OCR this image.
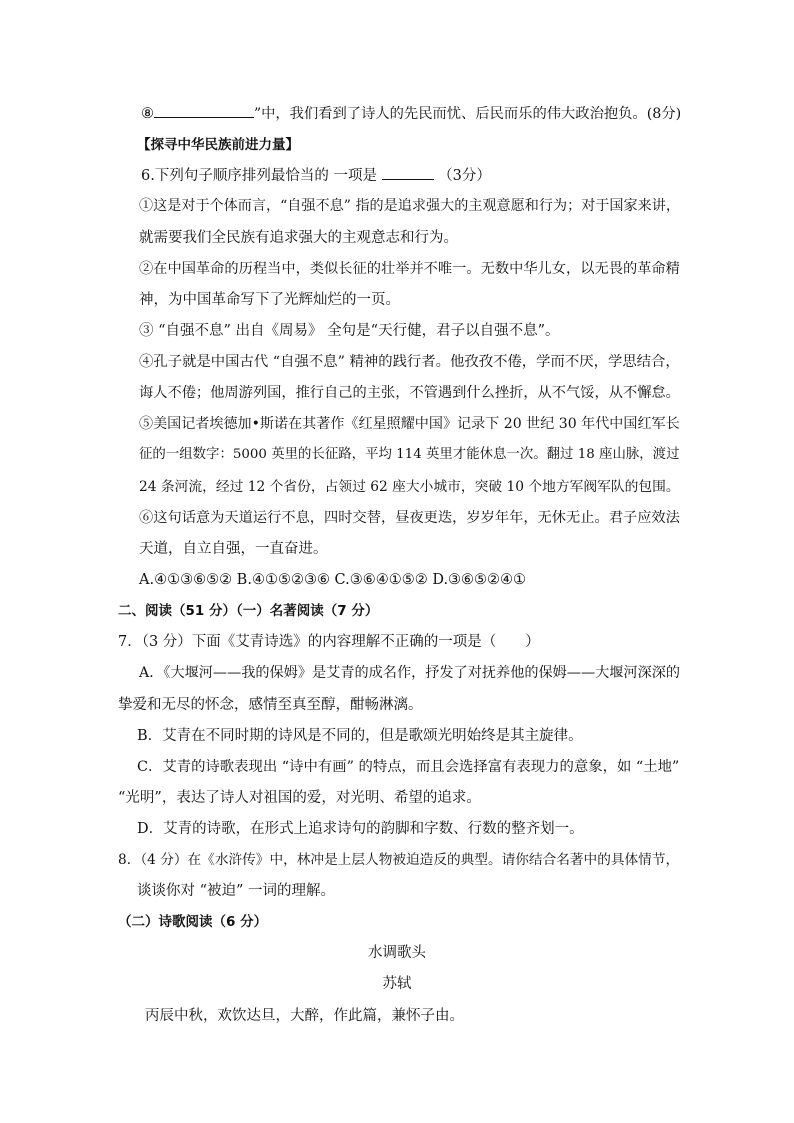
⑧	”中，我们看到了诗人的先民而忧、后民而乐的伟大政治抱负。(8分)
【探寻中华民族前进力量】
6.下列句子顺序排列最恰当的 一项是	（3分）
①这是对于个体而言，“自强不息” 指的是追求强大的主观意愿和行为；对于国家来讲，
就需要我们全民族有追求强大的主观意志和行为。
②在中国革命的历程当中，类似长征的壮举并不唯一。无数中华儿女，以无畏的革命精
神，为中国革命写下了光辉灿烂的一页。
③ “自强不息” 出自《周易》 全句是“天行健，君子以自强不息”。
④孔子就是中国古代 “自强不息” 精神的践行者。他孜孜不倦，学而不厌，学思结合，
诲人不倦；他周游列国，推行自己的主张，不管遇到什么挫折，从不气馁，从不懈怠。
⑤美国记者埃德加•斯诺在其著作《红星照耀中国》记录下 20 世纪 30 年代中国红军长
征的一组数字：5000 英里的长征路，平均 114 英里才能休息一次。翻过 18 座山脉，渡过
24 条河流，经过 12 个省份，占领过 62 座大小城市，突破 10 个地方军阀军队的包围。
⑥这句话意为天道运行不息，四时交替，昼夜更迭，岁岁年年，无休无止。君子应效法
天道，自立自强，一直奋进。
A.④①③⑥⑤② B.④①⑤②③⑥ C.③⑥④①⑤② D.③⑥⑤②④①
二、阅读（51 分）（一）名著阅读（7 分）
7．（3 分）下面《艾青诗选》的内容理解不正确的一项是（　　）
A．《大堰河——我的保姆》是艾青的成名作，抒发了对抚养他的保姆——大堰河深深的
挚爱和无尽的怀念，感情至真至醇，酣畅淋漓。
B．艾青在不同时期的诗风是不同的，但是歌颂光明始终是其主旋律。
C．艾青的诗歌表现出 “诗中有画” 的特点，而且会选择富有表现力的意象，如 “土地”
“光明”，表达了诗人对祖国的爱，对光明、希望的追求。
D．艾青的诗歌，在形式上追求诗句的韵脚和字数、行数的整齐划一。
8．（4 分）在《水浒传》中，林冲是上层人物被迫造反的典型。请你结合名著中的具体情节，
谈谈你对 “被迫” 一词的理解。
（二）诗歌阅读（6 分）
水调歌头
苏轼
丙辰中秋，欢饮达旦，大醉，作此篇，兼怀子由。
